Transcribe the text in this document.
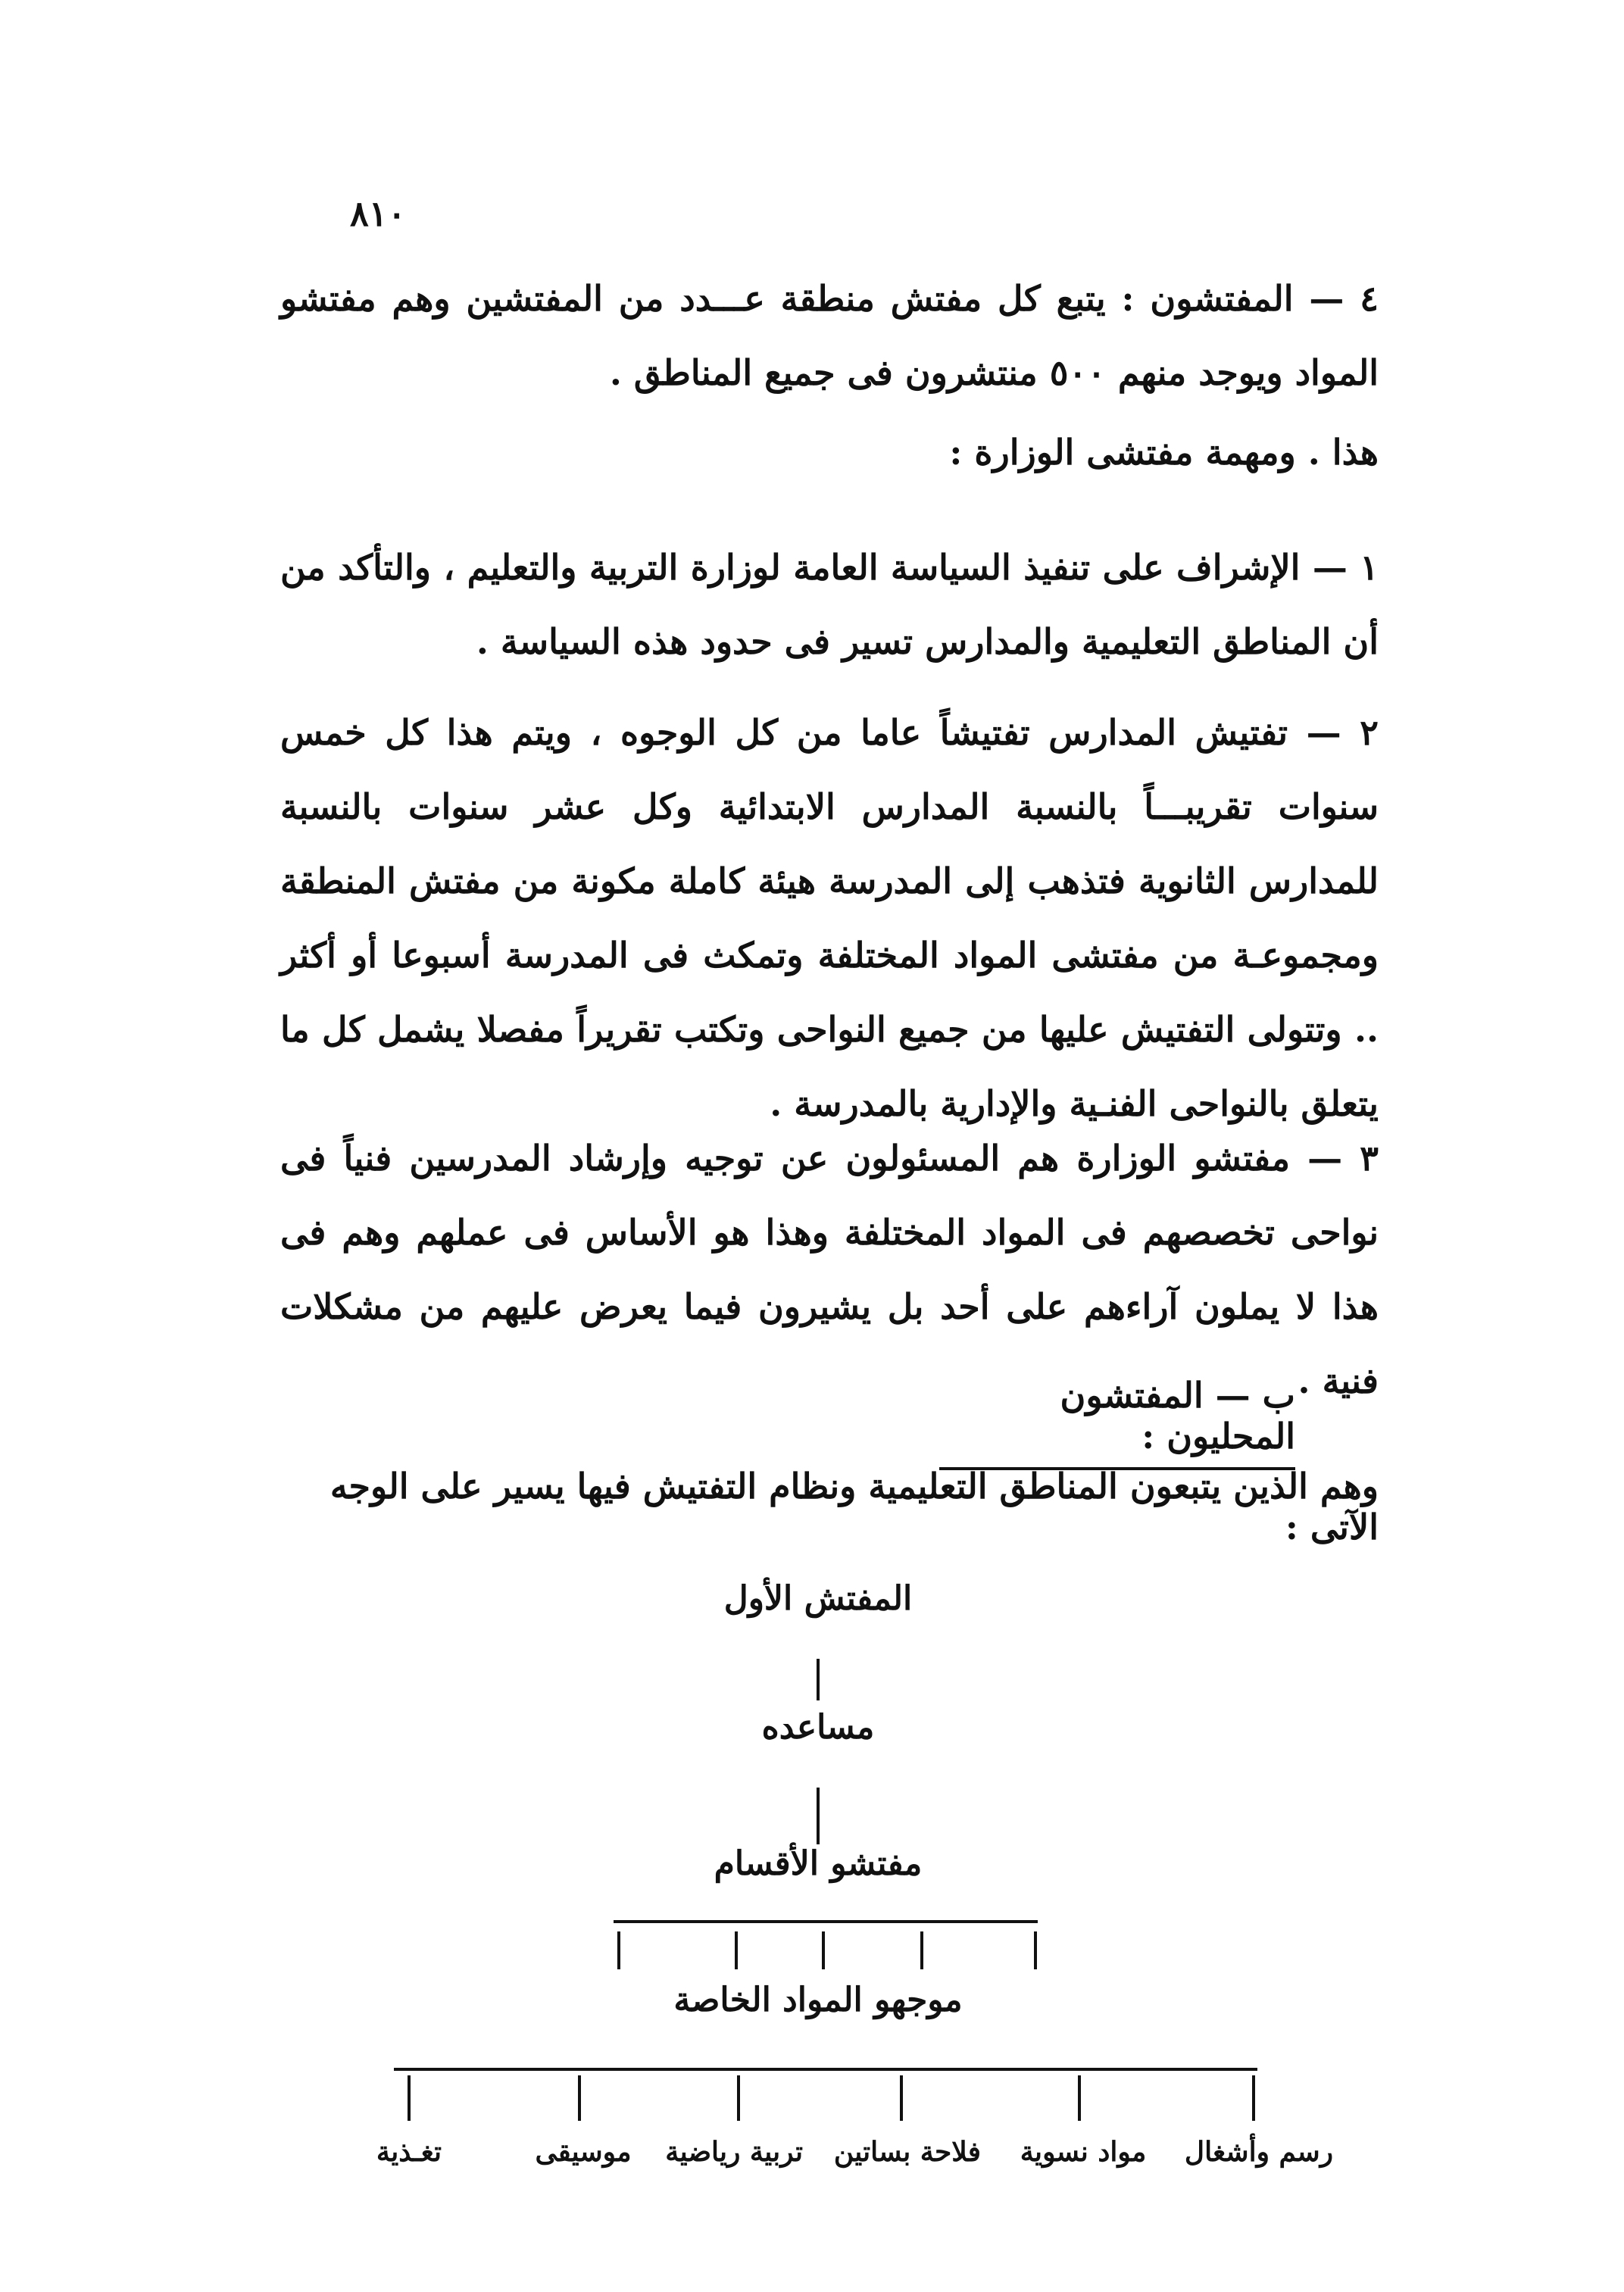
٨١٠
٤ — المفتشون : يتبع كل مفتش منطقة عـــدد من المفتشين وهم مفتشو المواد ويوجد منهم ٥٠٠ منتشرون فى جميع المناطق .
هذا . ومهمة مفتشى الوزارة :
١ — الإشراف على تنفيذ السياسة العامة لوزارة التربية والتعليم ، والتأكد من أن المناطق التعليمية والمدارس تسير فى حدود هذه السياسة .
٢ — تفتيش المدارس تفتيشاً عاما من كل الوجوه ، ويتم هذا كل خمس سنوات تقريبـــاً بالنسبة المدارس الابتدائية وكل عشر سنوات بالنسبة للمدارس الثانوية فتذهب إلى المدرسة هيئة كاملة مكونة من مفتش المنطقة ومجموعـة من مفتشى المواد المختلفة وتمكث فى المدرسة أسبوعا أو أكثر .. وتتولى التفتيش عليها من جميع النواحى وتكتب تقريراً مفصلا يشمل كل ما يتعلق بالنواحى الفنـية والإدارية بالمدرسة .
٣ — مفتشو الوزارة هم المسئولون عن توجيه وإرشاد المدرسين فنياً فى نواحى تخصصهم فى المواد المختلفة وهذا هو الأساس فى عملهم وهم فى هذا لا يملون آراءهم على أحد بل يشيرون فيما يعرض عليهم من مشكلات فنية .
ب — المفتشون المحليون :
وهم الذين يتبعون المناطق التعليمية ونظام التفتيش فيها يسير على الوجه الآتى :
المفتش الأول
مساعده
مفتشو الأقسام
موجهو المواد الخاصة
رسم وأشغال
مواد نسوية
فلاحة بساتين
تربية رياضية
موسيقى
تغـذية
